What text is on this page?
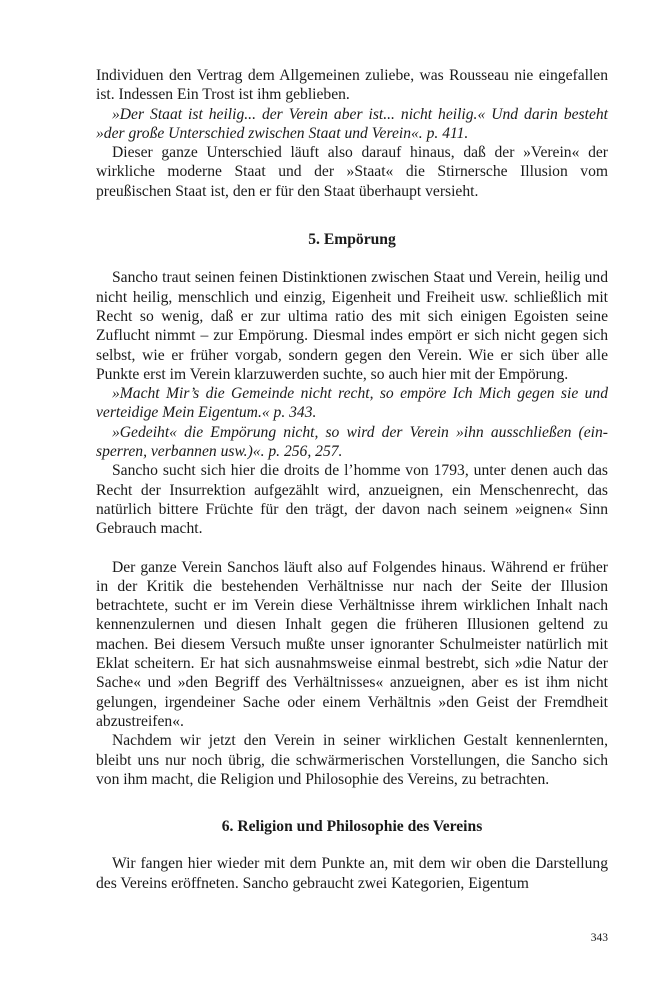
Individuen den Vertrag dem Allgemeinen zuliebe, was Rousseau nie eingefallen ist. Indessen Ein Trost ist ihm geblieben.

»Der Staat ist heilig... der Verein aber ist... nicht heilig.« Und darin besteht »der große Unterschied zwischen Staat und Verein«. p. 411.

Dieser ganze Unterschied läuft also darauf hinaus, daß der »Verein« der wirkliche moderne Staat und der »Staat« die Stirnersche Illusion vom preußischen Staat ist, den er für den Staat überhaupt versieht.

5. Empörung

Sancho traut seinen feinen Distinktionen zwischen Staat und Verein, heilig und nicht heilig, menschlich und einzig, Eigenheit und Freiheit usw. schließlich mit Recht so wenig, daß er zur ultima ratio des mit sich einigen Egoisten seine Zuflucht nimmt – zur Empörung. Diesmal indes empört er sich nicht gegen sich selbst, wie er früher vorgab, sondern gegen den Verein. Wie er sich über alle Punkte erst im Verein klarzuwerden suchte, so auch hier mit der Empörung.

»Macht Mir’s die Gemeinde nicht recht, so empöre Ich Mich gegen sie und verteidige Mein Eigentum.« p. 343.

»Gedeiht« die Empörung nicht, so wird der Verein »ihn ausschließen (einsperren, verbannen usw.)«. p. 256, 257.

Sancho sucht sich hier die droits de l’homme von 1793, unter denen auch das Recht der Insurrektion aufgezählt wird, anzueignen, ein Menschenrecht, das natürlich bittere Früchte für den trägt, der davon nach seinem »eignen« Sinn Gebrauch macht.

Der ganze Verein Sanchos läuft also auf Folgendes hinaus. Während er früher in der Kritik die bestehenden Verhältnisse nur nach der Seite der Illusion betrachtete, sucht er im Verein diese Verhältnisse ihrem wirklichen Inhalt nach kennenzulernen und diesen Inhalt gegen die früheren Illusionen geltend zu machen. Bei diesem Versuch mußte unser ignoranter Schulmeister natürlich mit Eklat scheitern. Er hat sich ausnahmsweise einmal bestrebt, sich »die Natur der Sache« und »den Begriff des Verhältnisses« anzueignen, aber es ist ihm nicht gelungen, irgendeiner Sache oder einem Verhältnis »den Geist der Fremdheit abzustreifen«.

Nachdem wir jetzt den Verein in seiner wirklichen Gestalt kennenlernten, bleibt uns nur noch übrig, die schwärmerischen Vorstellungen, die Sancho sich von ihm macht, die Religion und Philosophie des Vereins, zu betrachten.

6. Religion und Philosophie des Vereins

Wir fangen hier wieder mit dem Punkte an, mit dem wir oben die Darstellung des Vereins eröffneten. Sancho gebraucht zwei Kategorien, Eigentum

343
